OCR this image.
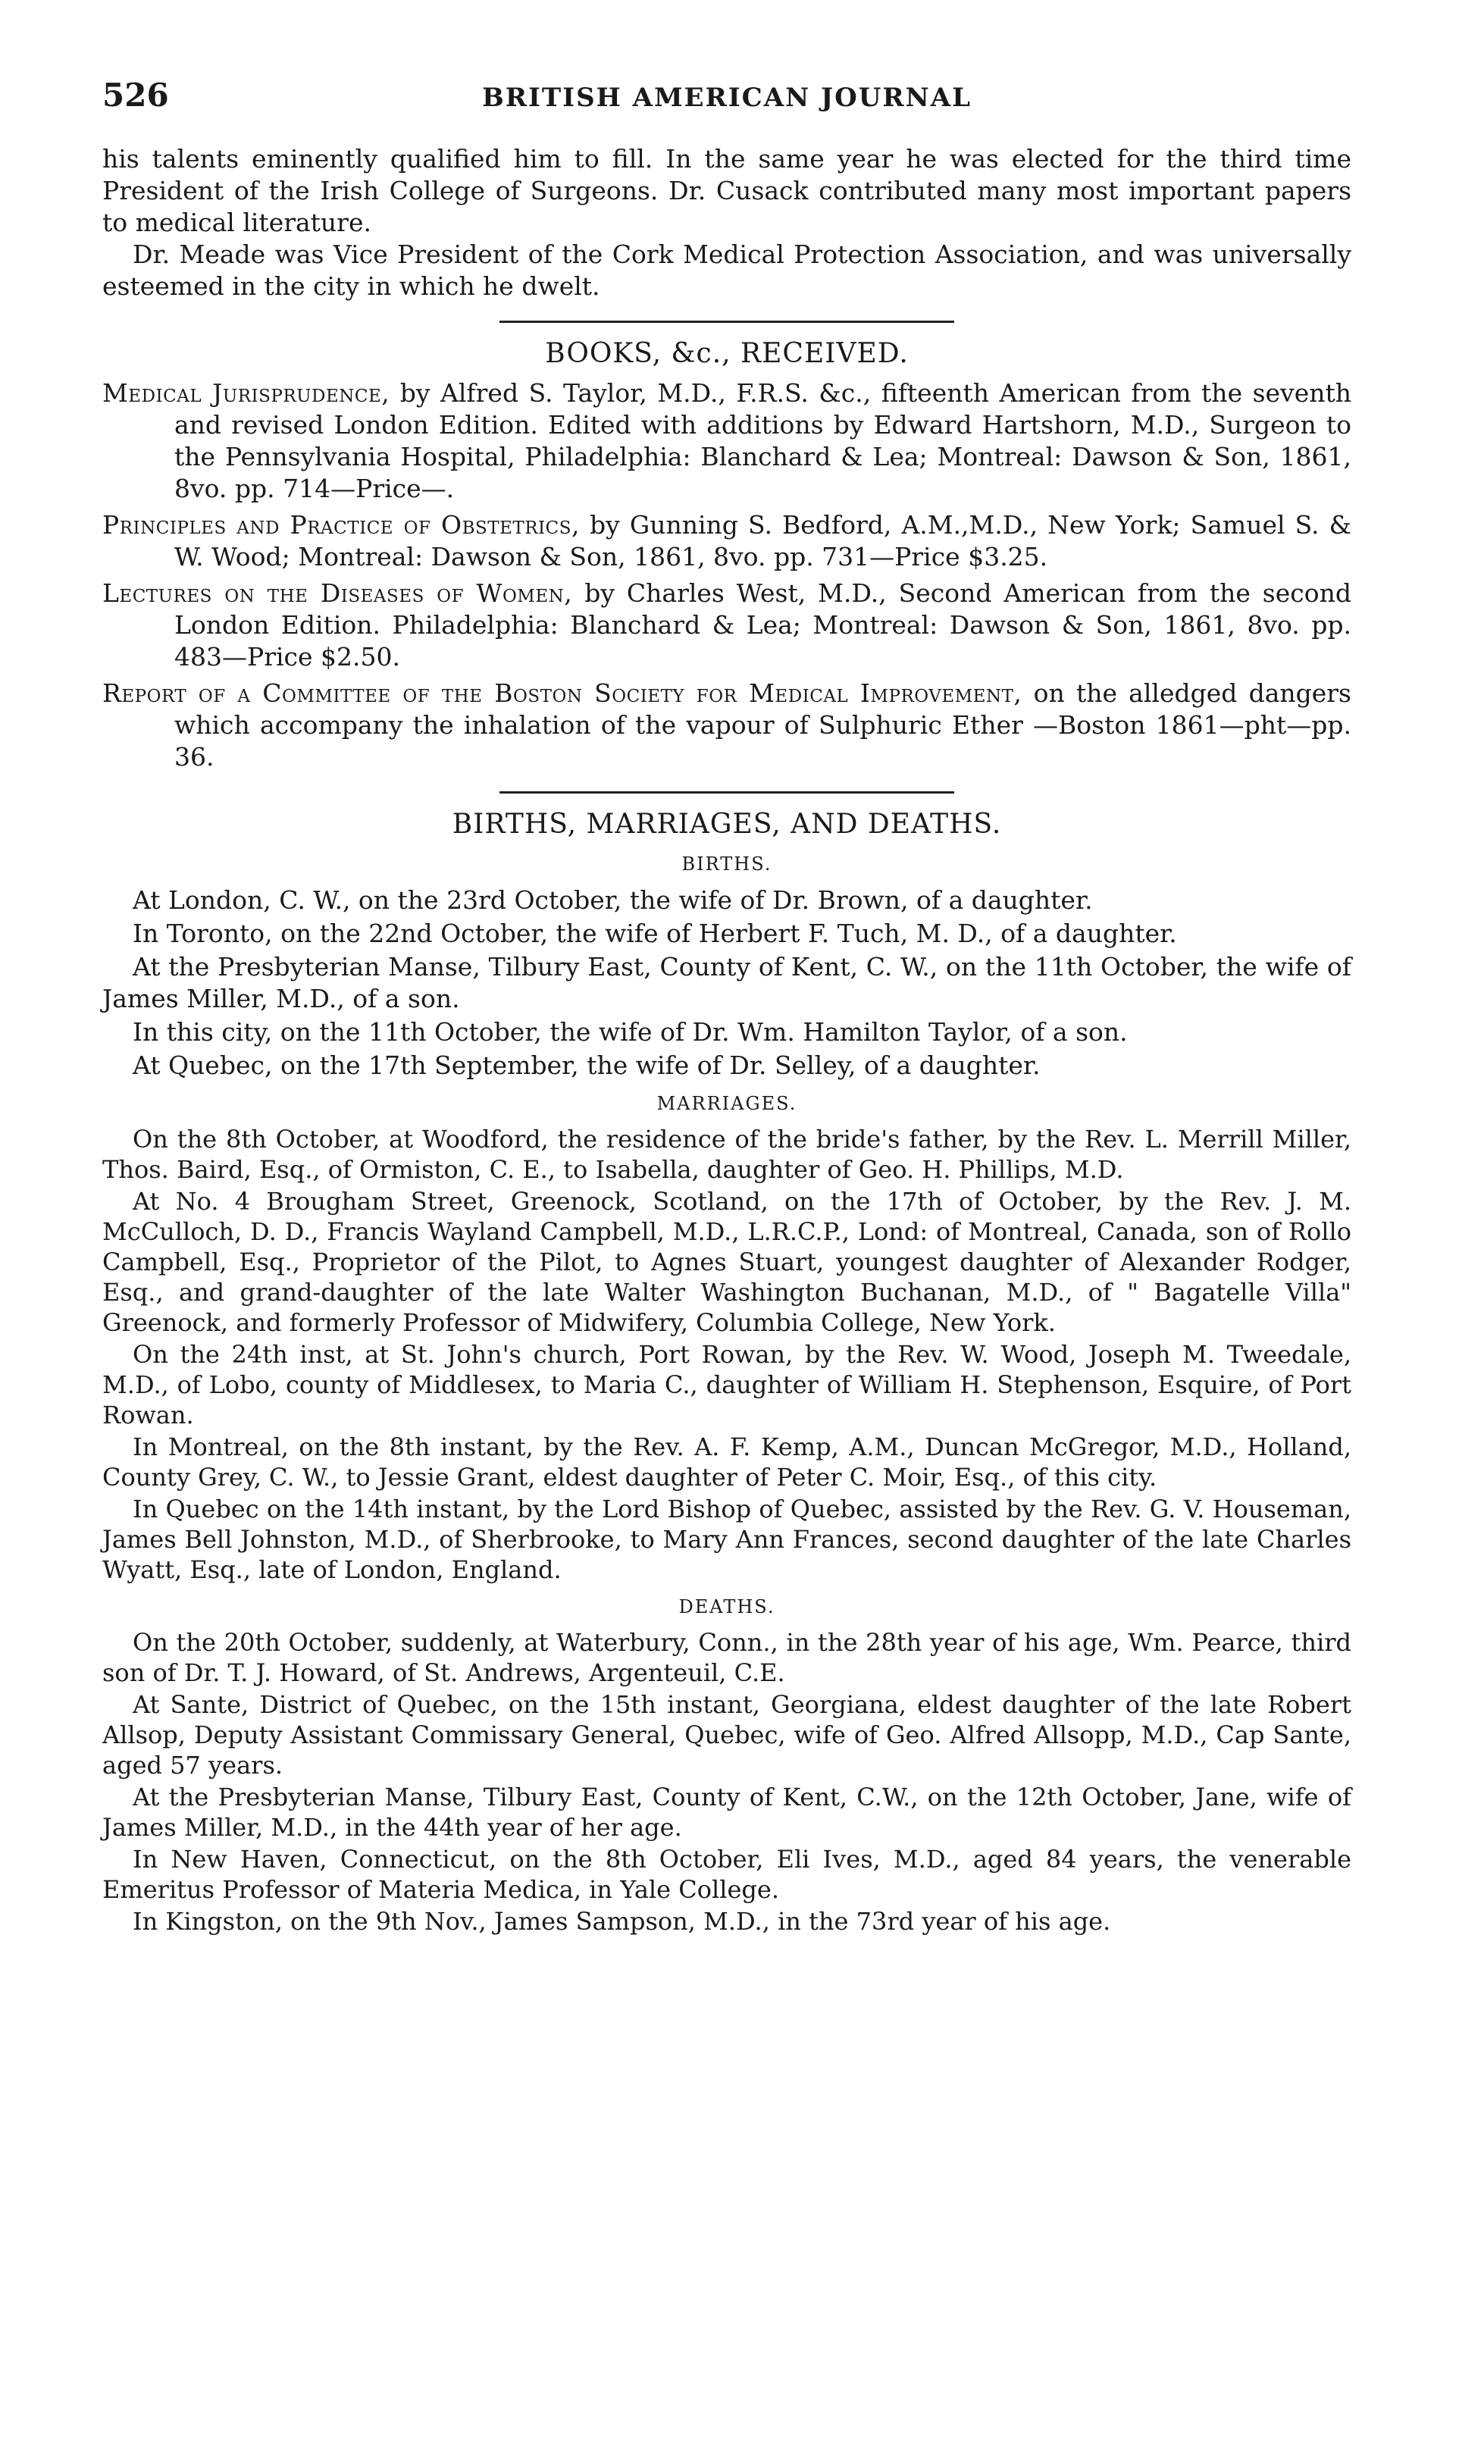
526	BRITISH AMERICAN JOURNAL

his talents eminently qualified him to fill. In the same year he was elected for the third time President of the Irish College of Surgeons. Dr. Cusack contributed many most important papers to medical literature.

Dr. Meade was Vice President of the Cork Medical Protection Association, and was universally esteemed in the city in which he dwelt.

BOOKS, &c., RECEIVED.
Medical Jurisprudence, by Alfred S. Taylor, M.D., F.R.S. &c., fifteenth American from the seventh and revised London Edition. Edited with additions by Edward Hartshorn, M.D., Surgeon to the Pennsylvania Hospital, Philadelphia: Blanchard & Lea; Montreal: Dawson & Son, 1861, 8vo. pp. 714—Price—.
Principles and Practice of Obstetrics, by Gunning S. Bedford, A.M.,M.D., New York; Samuel S. & W. Wood; Montreal: Dawson & Son, 1861, 8vo. pp. 731—Price $3.25.
Lectures on the Diseases of Women, by Charles West, M.D., Second American from the second London Edition. Philadelphia: Blanchard & Lea; Montreal: Dawson & Son, 1861, 8vo. pp. 483—Price $2.50.
Report of a Committee of the Boston Society for Medical Improvement, on the alledged dangers which accompany the inhalation of the vapour of Sulphuric Ether —Boston 1861—pht—pp. 36.
BIRTHS, MARRIAGES, AND DEATHS.
BIRTHS.

At London, C. W., on the 23rd October, the wife of Dr. Brown, of a daughter.

In Toronto, on the 22nd October, the wife of Herbert F. Tuch, M. D., of a daughter.

At the Presbyterian Manse, Tilbury East, County of Kent, C. W., on the 11th October, the wife of James Miller, M.D., of a son.

In this city, on the 11th October, the wife of Dr. Wm. Hamilton Taylor, of a son.

At Quebec, on the 17th September, the wife of Dr. Selley, of a daughter.

MARRIAGES.

On the 8th October, at Woodford, the residence of the bride's father, by the Rev. L. Merrill Miller, Thos. Baird, Esq., of Ormiston, C. E., to Isabella, daughter of Geo. H. Phillips, M.D.

At No. 4 Brougham Street, Greenock, Scotland, on the 17th of October, by the Rev. J. M. McCulloch, D. D., Francis Wayland Campbell, M.D., L.R.C.P., Lond: of Montreal, Canada, son of Rollo Campbell, Esq., Proprietor of the Pilot, to Agnes Stuart, youngest daughter of Alexander Rodger, Esq., and grand-daughter of the late Walter Washington Buchanan, M.D., of " Bagatelle Villa" Greenock, and formerly Professor of Midwifery, Columbia College, New York.

On the 24th inst, at St. John's church, Port Rowan, by the Rev. W. Wood, Joseph M. Tweedale, M.D., of Lobo, county of Middlesex, to Maria C., daughter of William H. Stephenson, Esquire, of Port Rowan.

In Montreal, on the 8th instant, by the Rev. A. F. Kemp, A.M., Duncan McGregor, M.D., Holland, County Grey, C. W., to Jessie Grant, eldest daughter of Peter C. Moir, Esq., of this city.

In Quebec on the 14th instant, by the Lord Bishop of Quebec, assisted by the Rev. G. V. Houseman, James Bell Johnston, M.D., of Sherbrooke, to Mary Ann Frances, second daughter of the late Charles Wyatt, Esq., late of London, England.

DEATHS.

On the 20th October, suddenly, at Waterbury, Conn., in the 28th year of his age, Wm. Pearce, third son of Dr. T. J. Howard, of St. Andrews, Argenteuil, C.E.

At Sante, District of Quebec, on the 15th instant, Georgiana, eldest daughter of the late Robert Allsop, Deputy Assistant Commissary General, Quebec, wife of Geo. Alfred Allsopp, M.D., Cap Sante, aged 57 years.

At the Presbyterian Manse, Tilbury East, County of Kent, C.W., on the 12th October, Jane, wife of James Miller, M.D., in the 44th year of her age.

In New Haven, Connecticut, on the 8th October, Eli Ives, M.D., aged 84 years, the venerable Emeritus Professor of Materia Medica, in Yale College.

In Kingston, on the 9th Nov., James Sampson, M.D., in the 73rd year of his age.
